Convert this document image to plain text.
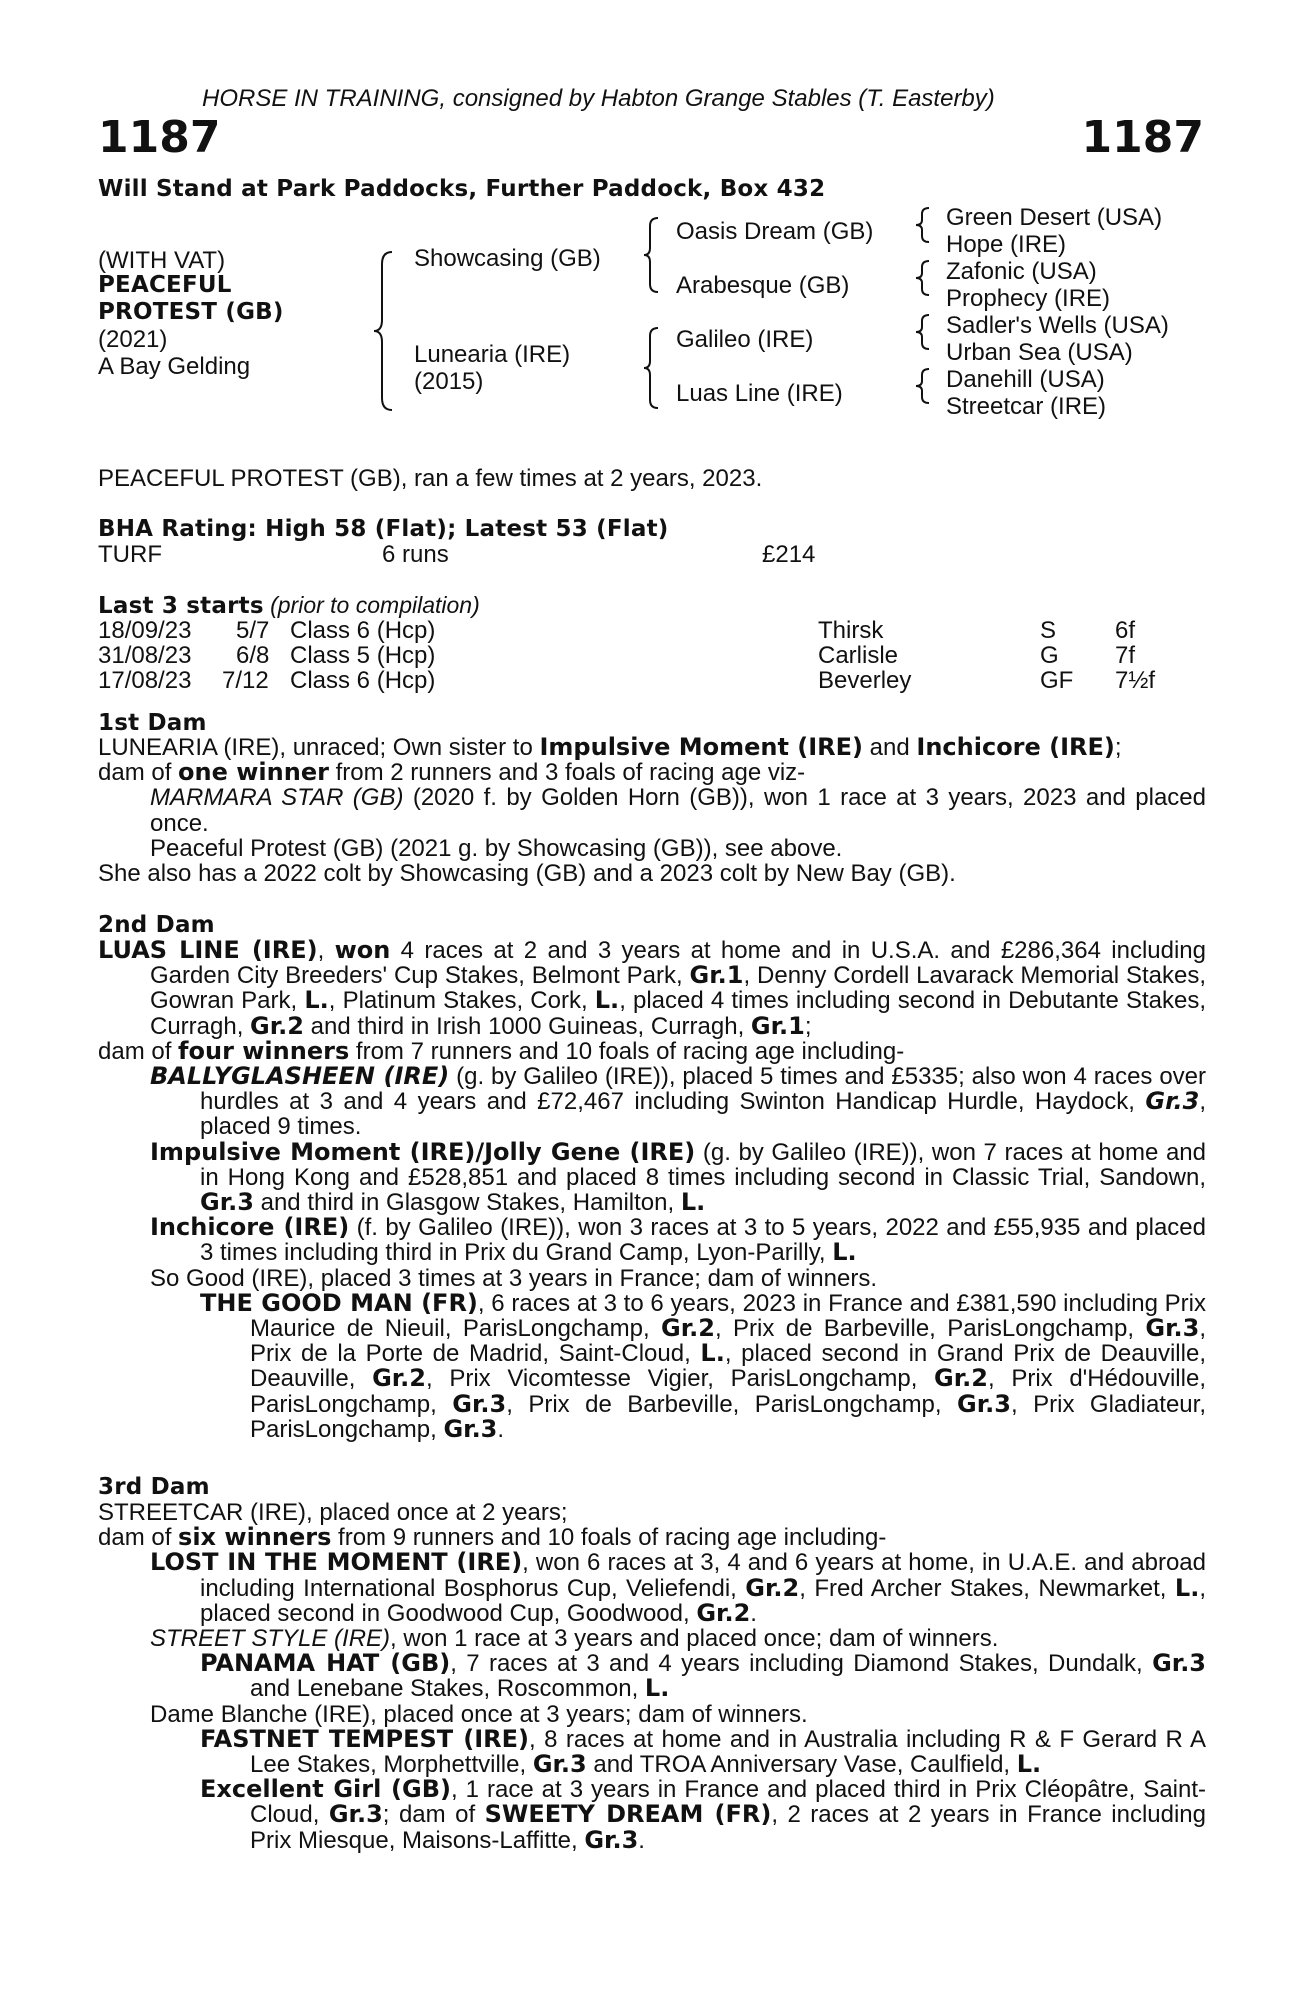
HORSE IN TRAINING, consigned by Habton Grange Stables (T. Easterby)
1187	1187
Will Stand at Park Paddocks, Further Paddock, Box 432
(WITH VAT)
PEACEFUL
PROTEST (GB)
(2021)
A Bay Gelding
Showcasing (GB)
Lunearia (IRE)
(2015)
Oasis Dream (GB)
Arabesque (GB)
Galileo (IRE)
Luas Line (IRE)
Green Desert (USA)
Hope (IRE)
Zafonic (USA)
Prophecy (IRE)
Sadler's Wells (USA)
Urban Sea (USA)
Danehill (USA)
Streetcar (IRE)
PEACEFUL PROTEST (GB), ran a few times at 2 years, 2023.
BHA Rating: High 58 (Flat); Latest 53 (Flat)
TURF	6 runs	£214
Last 3 starts (prior to compilation)
18/09/23 5/7 Class 6 (Hcp)	Thirsk	S 6f
31/08/23 6/8 Class 5 (Hcp)	Carlisle	G 7f
17/08/23 7/12 Class 6 (Hcp)	Beverley	GF 7½f
1st Dam
LUNEARIA (IRE), unraced; Own sister to Impulsive Moment (IRE) and Inchicore (IRE);
dam of one winner from 2 runners and 3 foals of racing age viz-
MARMARA STAR (GB) (2020 f. by Golden Horn (GB)), won 1 race at 3 years, 2023 and placed once.
Peaceful Protest (GB) (2021 g. by Showcasing (GB)), see above.
She also has a 2022 colt by Showcasing (GB) and a 2023 colt by New Bay (GB).
2nd Dam
LUAS LINE (IRE), won 4 races at 2 and 3 years at home and in U.S.A. and £286,364 including Garden City Breeders' Cup Stakes, Belmont Park, Gr.1, Denny Cordell Lavarack Memorial Stakes, Gowran Park, L., Platinum Stakes, Cork, L., placed 4 times including second in Debutante Stakes, Curragh, Gr.2 and third in Irish 1000 Guineas, Curragh, Gr.1;
dam of four winners from 7 runners and 10 foals of racing age including-
BALLYGLASHEEN (IRE) (g. by Galileo (IRE)), placed 5 times and £5335; also won 4 races over hurdles at 3 and 4 years and £72,467 including Swinton Handicap Hurdle, Haydock, Gr.3, placed 9 times.
Impulsive Moment (IRE)/Jolly Gene (IRE) (g. by Galileo (IRE)), won 7 races at home and in Hong Kong and £528,851 and placed 8 times including second in Classic Trial, Sandown, Gr.3 and third in Glasgow Stakes, Hamilton, L.
Inchicore (IRE) (f. by Galileo (IRE)), won 3 races at 3 to 5 years, 2022 and £55,935 and placed 3 times including third in Prix du Grand Camp, Lyon-Parilly, L.
So Good (IRE), placed 3 times at 3 years in France; dam of winners.
THE GOOD MAN (FR), 6 races at 3 to 6 years, 2023 in France and £381,590 including Prix Maurice de Nieuil, ParisLongchamp, Gr.2, Prix de Barbeville, ParisLongchamp, Gr.3, Prix de la Porte de Madrid, Saint-Cloud, L., placed second in Grand Prix de Deauville, Deauville, Gr.2, Prix Vicomtesse Vigier, ParisLongchamp, Gr.2, Prix d'Hédouville, ParisLongchamp, Gr.3, Prix de Barbeville, ParisLongchamp, Gr.3, Prix Gladiateur, ParisLongchamp, Gr.3.
3rd Dam
STREETCAR (IRE), placed once at 2 years;
dam of six winners from 9 runners and 10 foals of racing age including-
LOST IN THE MOMENT (IRE), won 6 races at 3, 4 and 6 years at home, in U.A.E. and abroad including International Bosphorus Cup, Veliefendi, Gr.2, Fred Archer Stakes, Newmarket, L., placed second in Goodwood Cup, Goodwood, Gr.2.
STREET STYLE (IRE), won 1 race at 3 years and placed once; dam of winners.
PANAMA HAT (GB), 7 races at 3 and 4 years including Diamond Stakes, Dundalk, Gr.3 and Lenebane Stakes, Roscommon, L.
Dame Blanche (IRE), placed once at 3 years; dam of winners.
FASTNET TEMPEST (IRE), 8 races at home and in Australia including R & F Gerard R A Lee Stakes, Morphettville, Gr.3 and TROA Anniversary Vase, Caulfield, L.
Excellent Girl (GB), 1 race at 3 years in France and placed third in Prix Cléopâtre, Saint-Cloud, Gr.3; dam of SWEETY DREAM (FR), 2 races at 2 years in France including Prix Miesque, Maisons-Laffitte, Gr.3.
